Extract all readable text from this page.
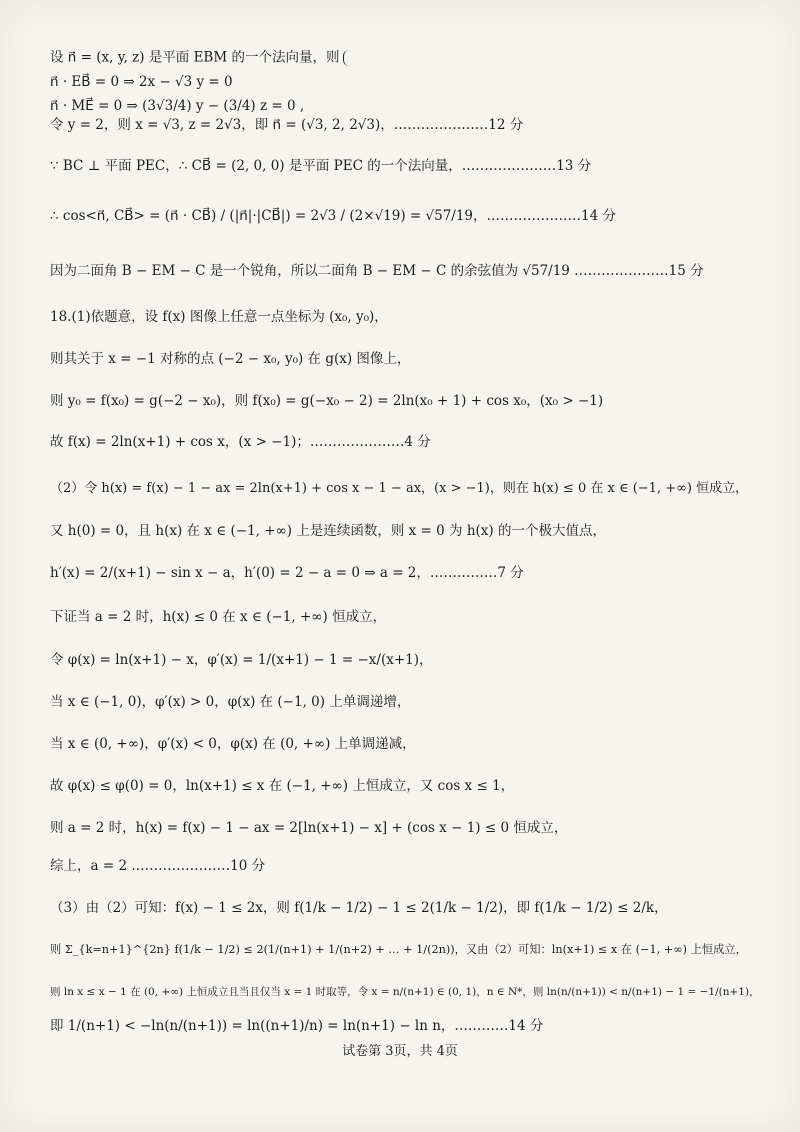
设 n⃗ = (x, y, z) 是平面 EBM 的一个法向量，则
n⃗ · EB⃗ = 0 ⇒ 2x − √3 y = 0
n⃗ · ME⃗ = 0 ⇒ (3√3/4) y − (3/4) z = 0 ,
令 y = 2，则 x = √3, z = 2√3，即 n⃗ = (√3, 2, 2√3)，…………………12 分
∵ BC ⊥ 平面 PEC，∴ CB⃗ = (2, 0, 0) 是平面 PEC 的一个法向量，…………………13 分
∴ cos<n⃗, CB⃗> = (n⃗ · CB⃗) / (|n⃗|·|CB⃗|) = 2√3 / (2×√19) = √57/19，…………………14 分
因为二面角 B − EM − C 是一个锐角，所以二面角 B − EM − C 的余弦值为 √57/19 …………………15 分
18.(1)依题意，设 f(x) 图像上任意一点坐标为 (x₀, y₀)，
则其关于 x = −1 对称的点 (−2 − x₀, y₀) 在 g(x) 图像上，
则 y₀ = f(x₀) = g(−2 − x₀)，则 f(x₀) = g(−x₀ − 2) = 2ln(x₀ + 1) + cos x₀，(x₀ > −1)
故 f(x) = 2ln(x+1) + cos x，(x > −1)；…………………4 分
（2）令 h(x) = f(x) − 1 − ax = 2ln(x+1) + cos x − 1 − ax，(x > −1)，则在 h(x) ≤ 0 在 x ∈ (−1, +∞) 恒成立，
又 h(0) = 0，且 h(x) 在 x ∈ (−1, +∞) 上是连续函数，则 x = 0 为 h(x) 的一个极大值点，
h′(x) = 2/(x+1) − sin x − a，h′(0) = 2 − a = 0 ⇒ a = 2，……………7 分
下证当 a = 2 时，h(x) ≤ 0 在 x ∈ (−1, +∞) 恒成立，
令 φ(x) = ln(x+1) − x，φ′(x) = 1/(x+1) − 1 = −x/(x+1)，
当 x ∈ (−1, 0)，φ′(x) > 0，φ(x) 在 (−1, 0) 上单调递增，
当 x ∈ (0, +∞)，φ′(x) < 0，φ(x) 在 (0, +∞) 上单调递减，
故 φ(x) ≤ φ(0) = 0，ln(x+1) ≤ x 在 (−1, +∞) 上恒成立，又 cos x ≤ 1，
则 a = 2 时，h(x) = f(x) − 1 − ax = 2[ln(x+1) − x] + (cos x − 1) ≤ 0 恒成立，
综上，a = 2 .…………………10 分
（3）由（2）可知：f(x) − 1 ≤ 2x，则 f(1/k − 1/2) − 1 ≤ 2(1/k − 1/2)，即 f(1/k − 1/2) ≤ 2/k，
则 Σ_{k=n+1}^{2n} f(1/k − 1/2) ≤ 2(1/(n+1) + 1/(n+2) + … + 1/(2n))，又由（2）可知：ln(x+1) ≤ x 在 (−1, +∞) 上恒成立，
则 ln x ≤ x − 1 在 (0, +∞) 上恒成立且当且仅当 x = 1 时取等，令 x = n/(n+1) ∈ (0, 1)，n ∈ N*，则 ln(n/(n+1)) < n/(n+1) − 1 = −1/(n+1)，
即 1/(n+1) < −ln(n/(n+1)) = ln((n+1)/n) = ln(n+1) − ln n，…………14 分
试卷第 3页，共 4页
